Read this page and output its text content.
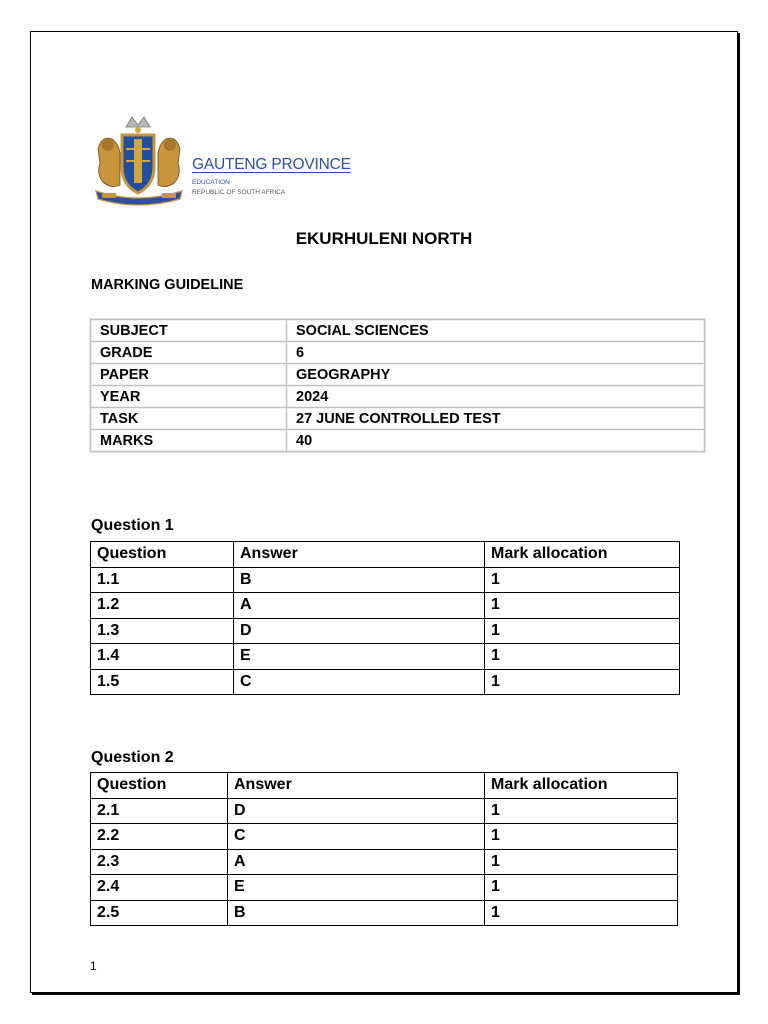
GAUTENG PROVINCE
EDUCATION
REPUBLIC OF SOUTH AFRICA
EKURHULENI NORTH
MARKING GUIDELINE
SUBJECT	SOCIAL SCIENCES
GRADE	6
PAPER	GEOGRAPHY
YEAR	2024
TASK	27 JUNE CONTROLLED TEST
MARKS	40
Question 1
Question	Answer	Mark allocation
1.1	B	1
1.2	A	1
1.3	D	1
1.4	E	1
1.5	C	1
Question 2
Question	Answer	Mark allocation
2.1	D	1
2.2	C	1
2.3	A	1
2.4	E	1
2.5	B	1
1
